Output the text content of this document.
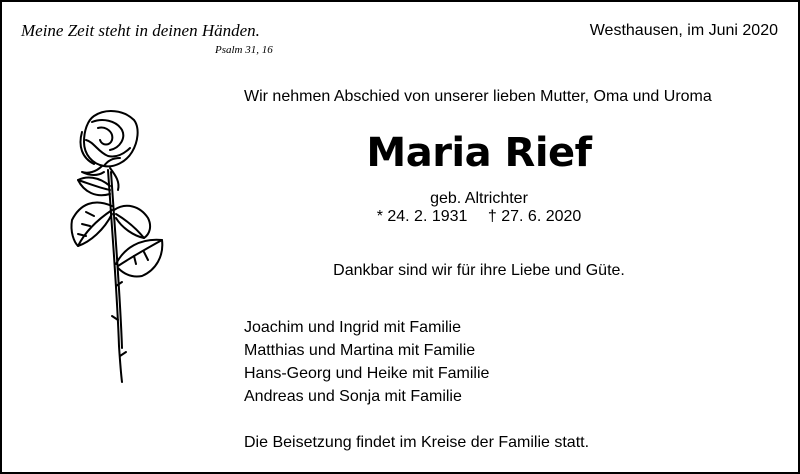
Meine Zeit steht in deinen Händen.
Psalm 31, 16
Westhausen, im Juni 2020
Wir nehmen Abschied von unserer lieben Mutter, Oma und Uroma
Maria Rief
geb. Altrichter
* 24. 2. 1931 † 27. 6. 2020
Dankbar sind wir für ihre Liebe und Güte.
Joachim und Ingrid mit Familie
Matthias und Martina mit Familie
Hans-Georg und Heike mit Familie
Andreas und Sonja mit Familie
Die Beisetzung findet im Kreise der Familie statt.
